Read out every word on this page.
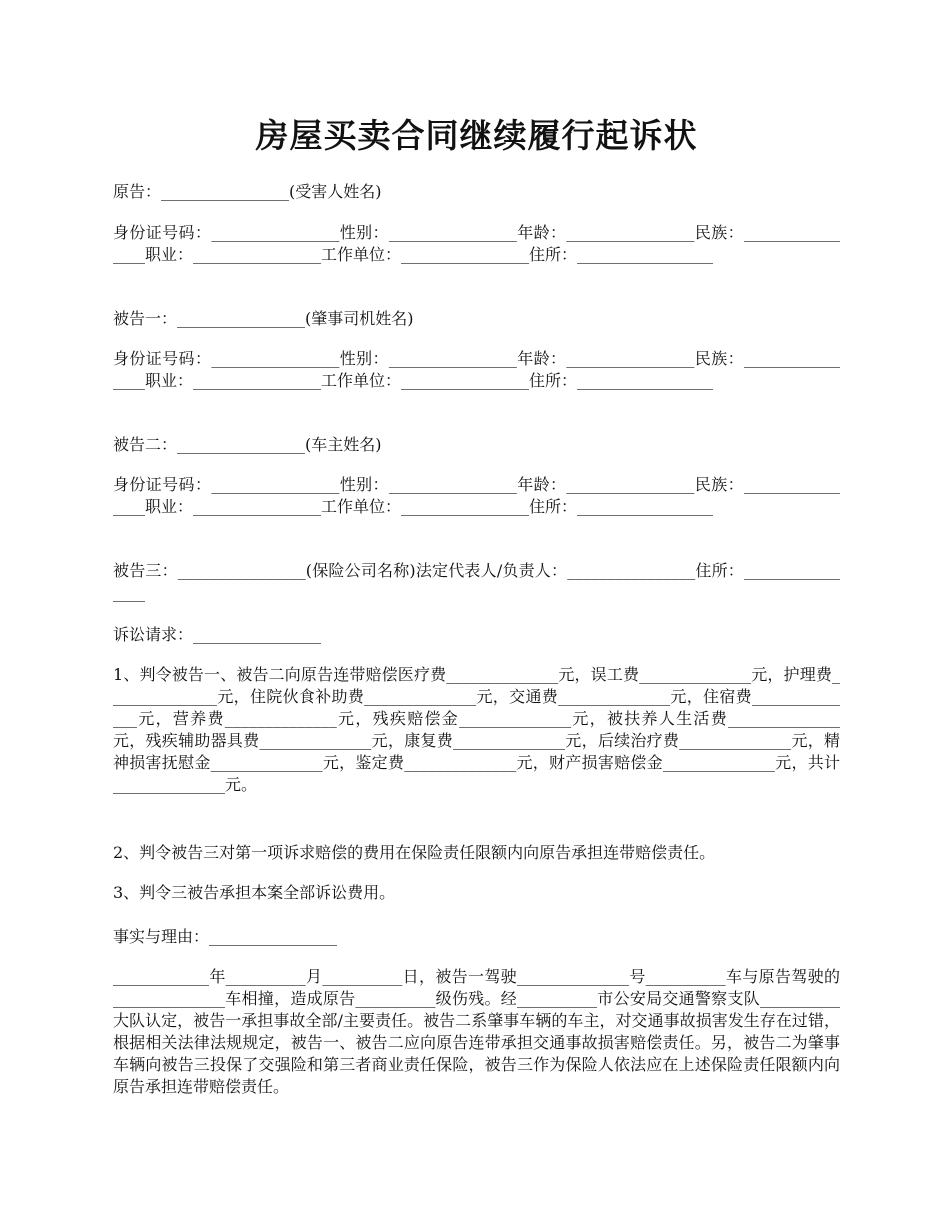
房屋买卖合同继续履行起诉状

原告：________________(受害人姓名)

身份证号码：________________性别：________________年龄：________________民族：________________职业：________________工作单位：________________住所：_________________

被告一：________________(肇事司机姓名)

身份证号码：________________性别：________________年龄：________________民族：________________职业：________________工作单位：________________住所：_________________

被告二：________________(车主姓名)

身份证号码：________________性别：________________年龄：________________民族：________________职业：________________工作单位：________________住所：_________________

被告三：________________(保险公司名称)法定代表人/负责人：________________住所：________________

诉讼请求：________________

1、判令被告一、被告二向原告连带赔偿医疗费______________元，误工费______________元，护理费______________元，住院伙食补助费______________元，交通费______________元，住宿费______________元，营养费______________元，残疾赔偿金______________元，被扶养人生活费______________元，残疾辅助器具费______________元，康复费______________元，后续治疗费______________元，精神损害抚慰金______________元，鉴定费______________元，财产损害赔偿金______________元，共计______________元。

2、判令被告三对第一项诉求赔偿的费用在保险责任限额内向原告承担连带赔偿责任。

3、判令三被告承担本案全部诉讼费用。

事实与理由：________________

____________年__________月__________日，被告一驾驶______________号__________车与原告驾驶的______________车相撞，造成原告__________级伤残。经__________市公安局交通警察支队__________大队认定，被告一承担事故全部/主要责任。被告二系肇事车辆的车主，对交通事故损害发生存在过错，根据相关法律法规规定，被告一、被告二应向原告连带承担交通事故损害赔偿责任。另，被告二为肇事车辆向被告三投保了交强险和第三者商业责任保险，被告三作为保险人依法应在上述保险责任限额内向原告承担连带赔偿责任。
